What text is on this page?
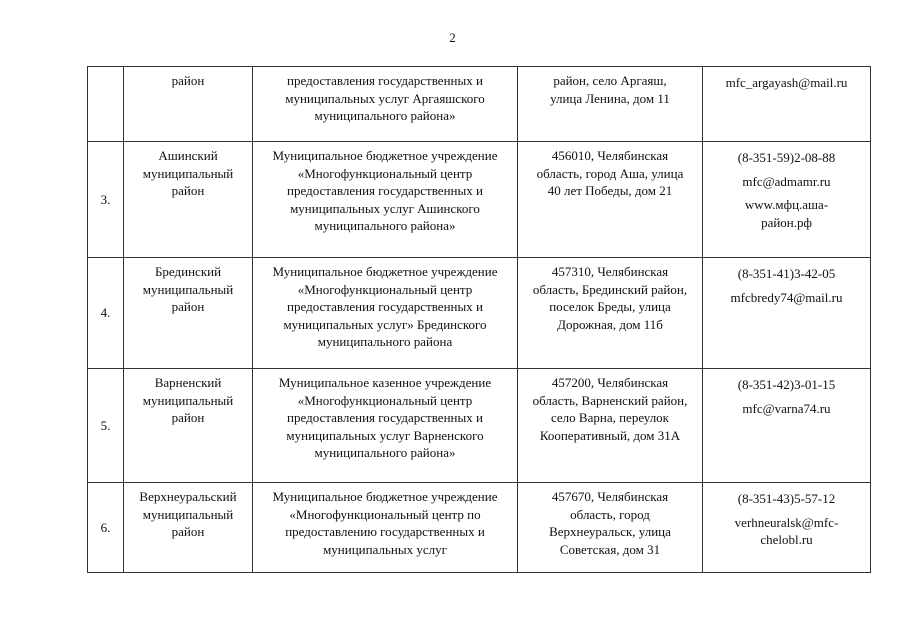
2

	район	предоставления государственных и
муниципальных услуг Аргаяшского
муниципального района»	район, село Аргаяш,
улица Ленина, дом 11	mfc_argayash@mail.ru

3.	Ашинский
муниципальный
район	Муниципальное бюджетное учреждение
«Многофункциональный центр
предоставления государственных и
муниципальных услуг Ашинского
муниципального района»	456010, Челябинская
область, город Аша, улица
40 лет Победы, дом 21	(8-351-59)2-08-88
mfc@admamr.ru
www.мфц.аша-
район.рф

4.	Брединский
муниципальный
район	Муниципальное бюджетное учреждение
«Многофункциональный центр
предоставления государственных и
муниципальных услуг» Брединского
муниципального района	457310, Челябинская
область, Брединский район,
поселок Бреды, улица
Дорожная, дом 11б	(8-351-41)3-42-05
mfcbredy74@mail.ru

5.	Варненский
муниципальный
район	Муниципальное казенное учреждение
«Многофункциональный центр
предоставления государственных и
муниципальных услуг Варненского
муниципального района»	457200, Челябинская
область, Варненский район,
село Варна, переулок
Кооперативный, дом 31А	(8-351-42)3-01-15
mfc@varna74.ru

6.	Верхнеуральский
муниципальный
район	Муниципальное бюджетное учреждение
«Многофункциональный центр по
предоставлению государственных и
муниципальных услуг	457670, Челябинская
область, город
Верхнеуральск, улица
Советская, дом 31	(8-351-43)5-57-12
verhneuralsk@mfc-
chelobl.ru
